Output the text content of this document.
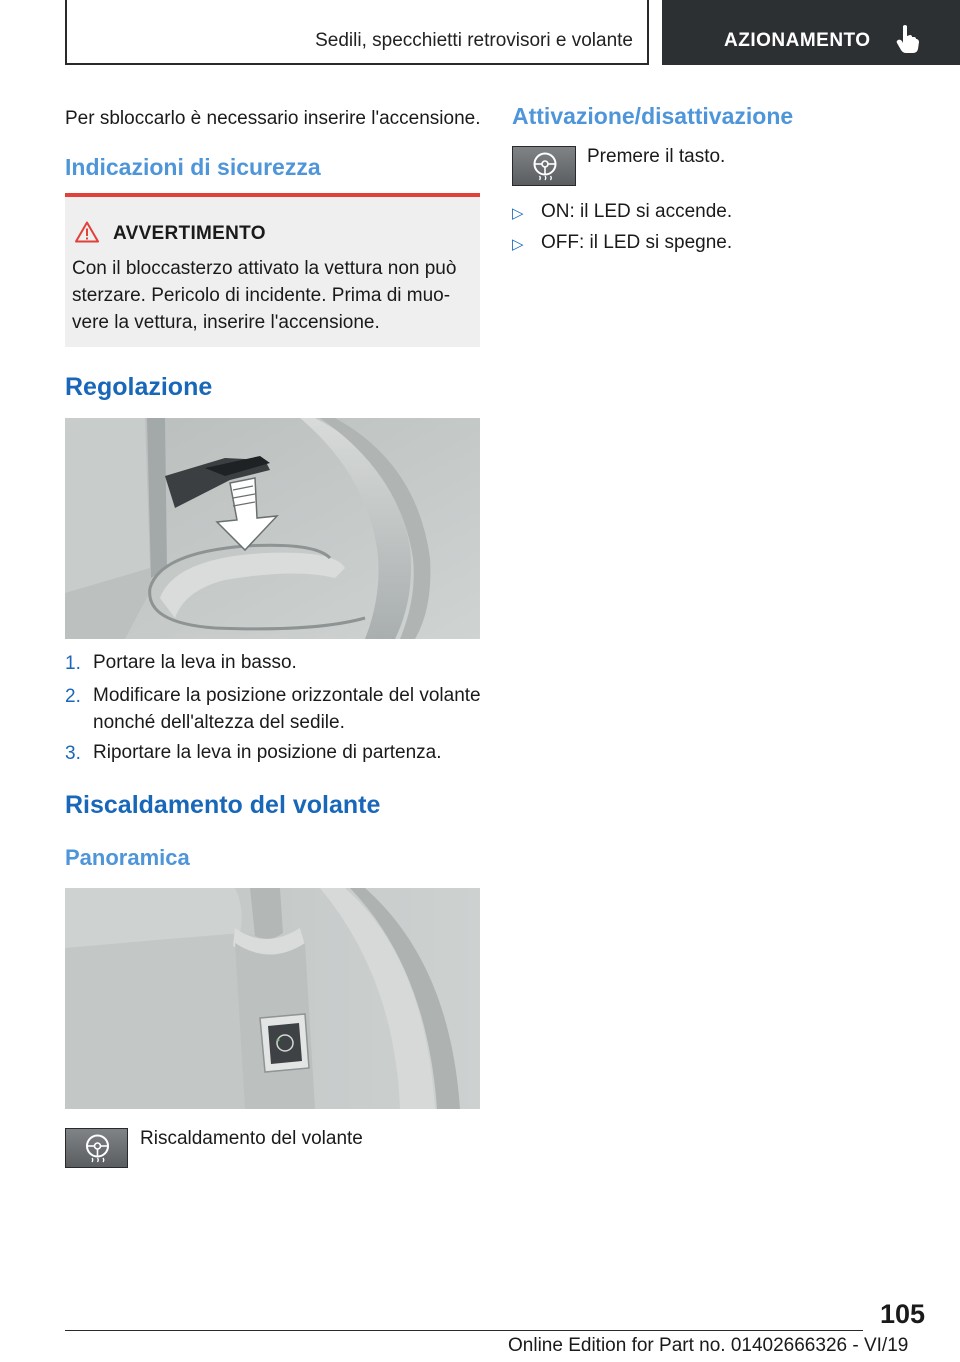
Sedili, specchietti retrovisori e volante	AZIONAMENTO
Per sbloccarlo è necessario inserire l'accensione.
Indicazioni di sicurezza
AVVERTIMENTO
Con il bloccasterzo attivato la vettura non può sterzare. Pericolo di incidente. Prima di muovere la vettura, inserire l'accensione.
Regolazione
1. Portare la leva in basso.
2. Modificare la posizione orizzontale del volante nonché dell'altezza del sedile.
3. Riportare la leva in posizione di partenza.
Riscaldamento del volante
Panoramica
Riscaldamento del volante
Attivazione/disattivazione
Premere il tasto.
▷ ON: il LED si accende.
▷ OFF: il LED si spegne.
105
Online Edition for Part no. 01402666326 - VI/19
